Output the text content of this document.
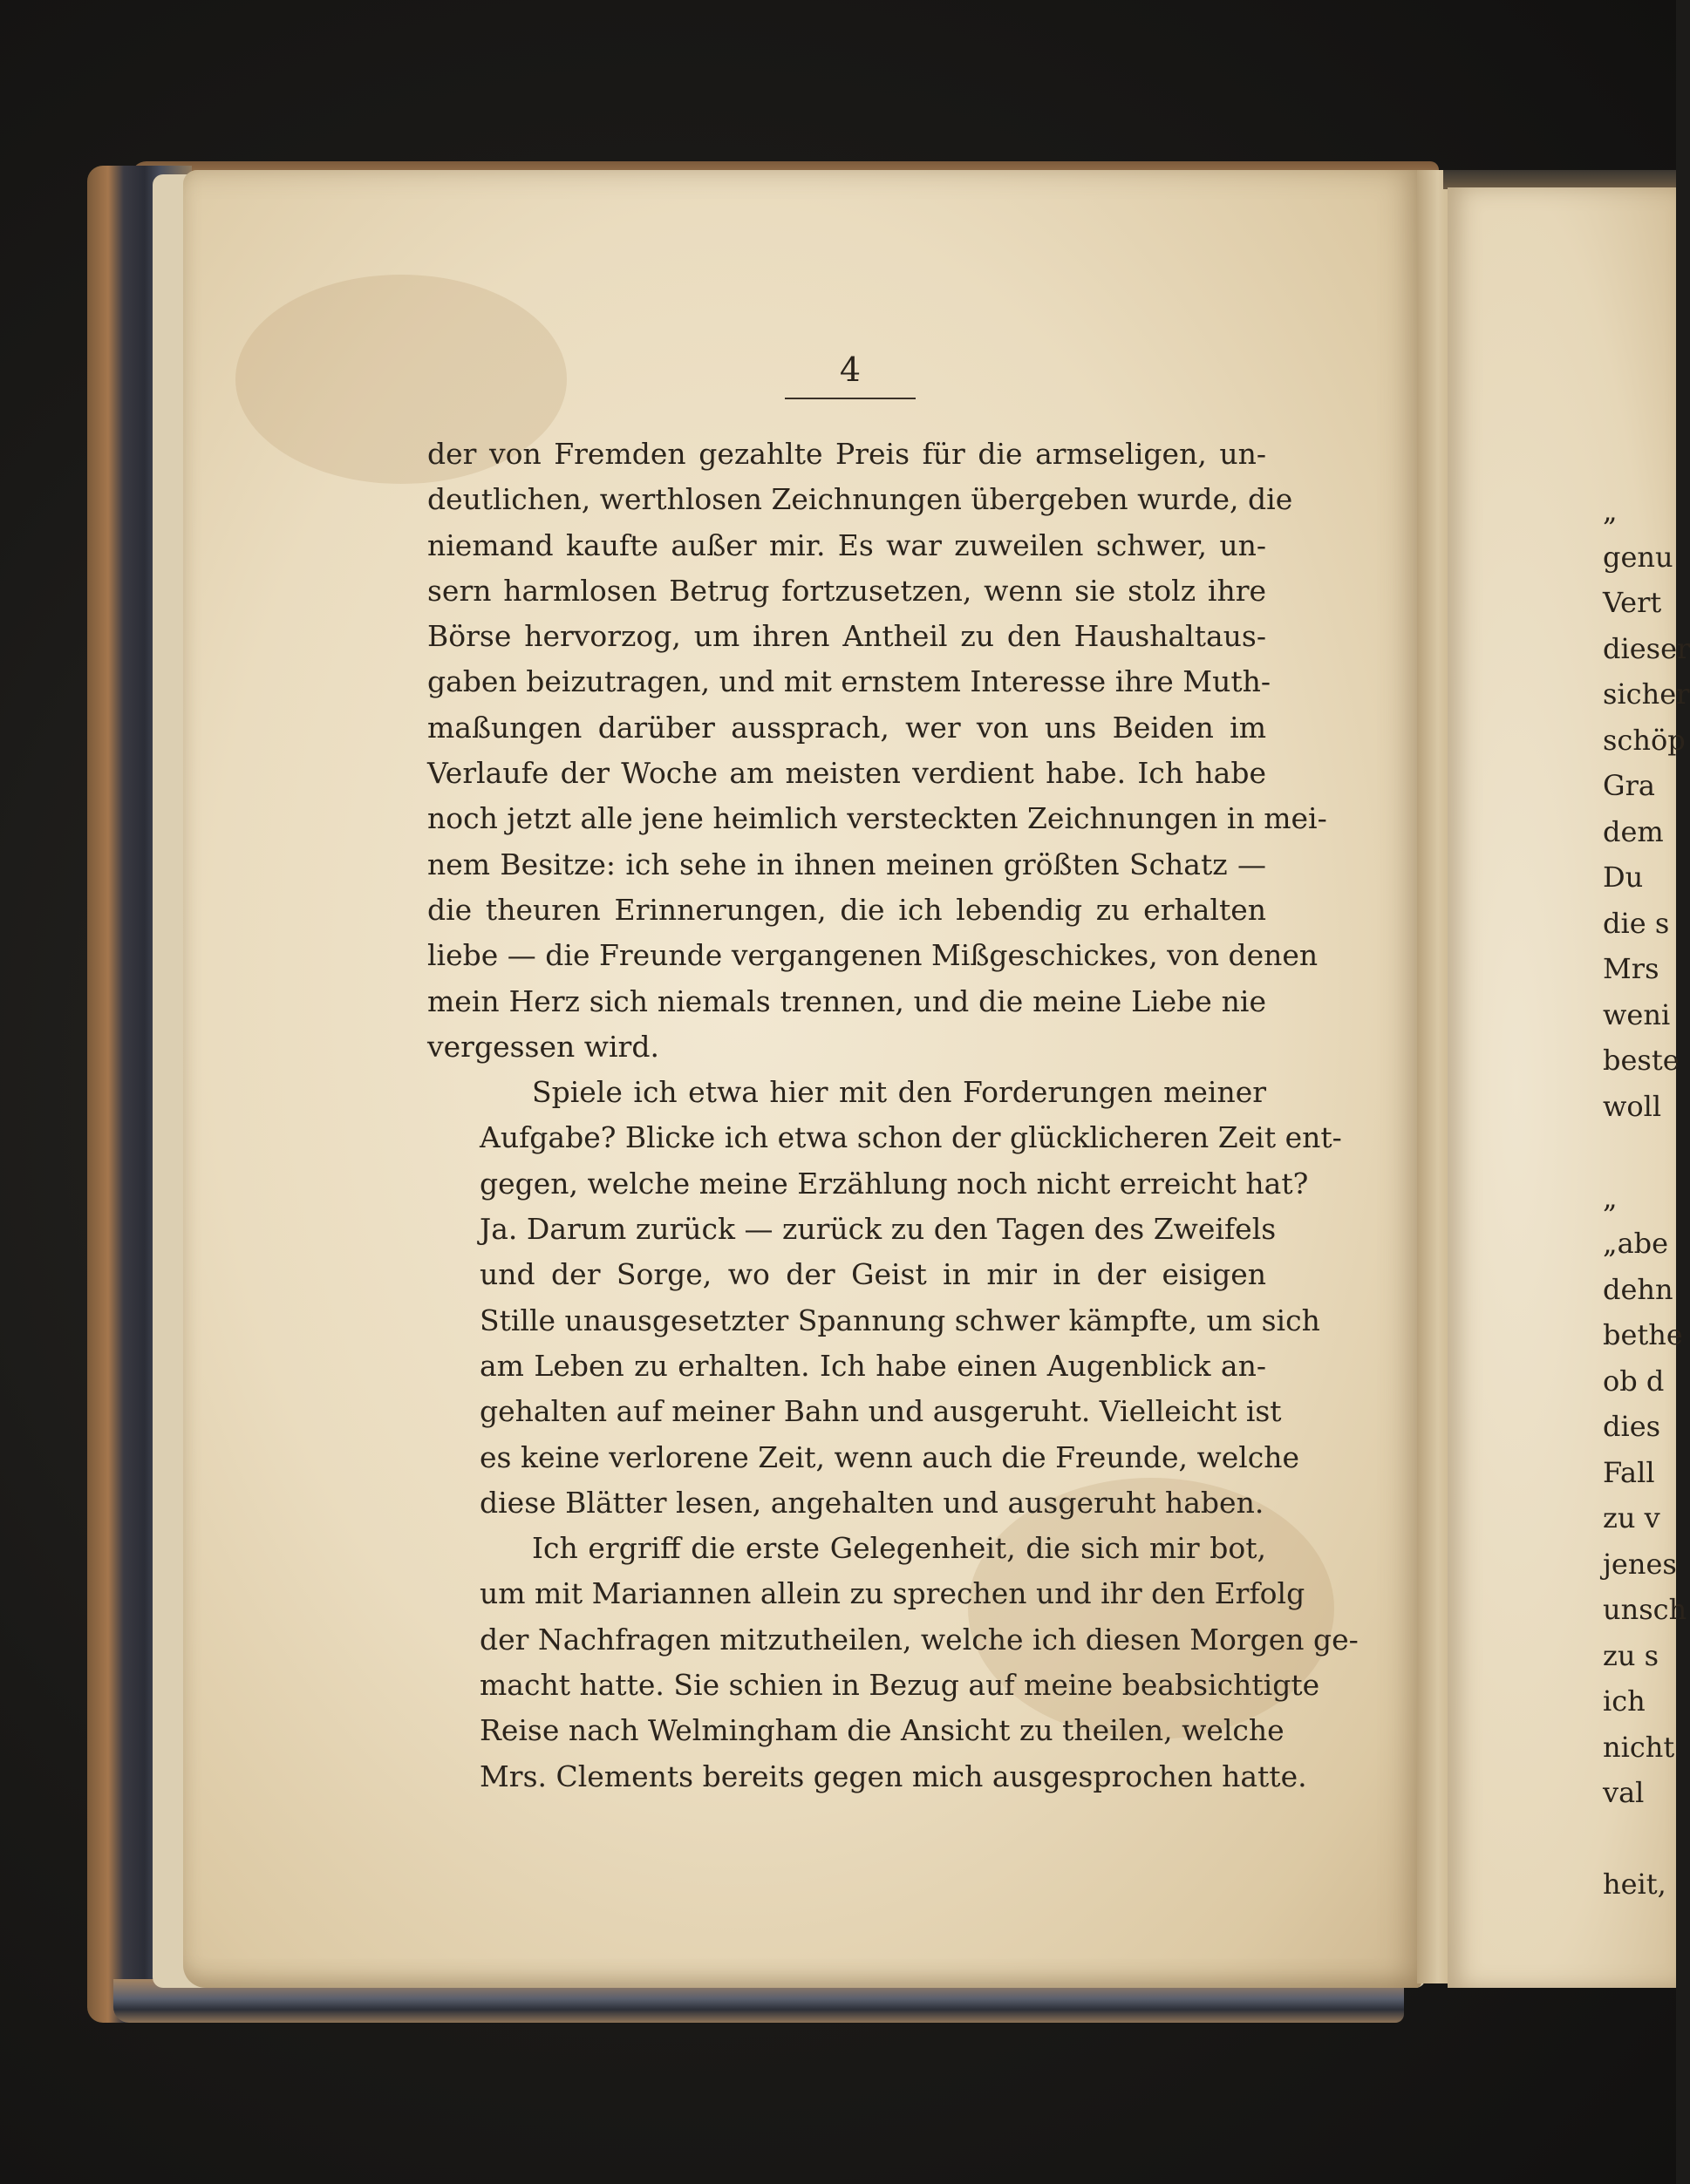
4

der von Fremden gezahlte Preis für die armseligen, un-
deutlichen, werthlosen Zeichnungen übergeben wurde, die
niemand kaufte außer mir. Es war zuweilen schwer, un-
sern harmlosen Betrug fortzusetzen, wenn sie stolz ihre
Börse hervorzog, um ihren Antheil zu den Haushaltaus-
gaben beizutragen, und mit ernstem Interesse ihre Muth-
maßungen darüber aussprach, wer von uns Beiden im
Verlaufe der Woche am meisten verdient habe. Ich habe
noch jetzt alle jene heimlich versteckten Zeichnungen in mei-
nem Besitze: ich sehe in ihnen meinen größten Schatz —
die theuren Erinnerungen, die ich lebendig zu erhalten
liebe — die Freunde vergangenen Mißgeschickes, von denen
mein Herz sich niemals trennen, und die meine Liebe nie
vergessen wird.

Spiele ich etwa hier mit den Forderungen meiner
Aufgabe? Blicke ich etwa schon der glücklicheren Zeit ent-
gegen, welche meine Erzählung noch nicht erreicht hat?
Ja. Darum zurück — zurück zu den Tagen des Zweifels
und der Sorge, wo der Geist in mir in der eisigen
Stille unausgesetzter Spannung schwer kämpfte, um sich
am Leben zu erhalten. Ich habe einen Augenblick an-
gehalten auf meiner Bahn und ausgeruht. Vielleicht ist
es keine verlorene Zeit, wenn auch die Freunde, welche
diese Blätter lesen, angehalten und ausgeruht haben.

Ich ergriff die erste Gelegenheit, die sich mir bot,
um mit Mariannen allein zu sprechen und ihr den Erfolg
der Nachfragen mitzutheilen, welche ich diesen Morgen ge-
macht hatte. Sie schien in Bezug auf meine beabsichtigte
Reise nach Welmingham die Ansicht zu theilen, welche
Mrs. Clements bereits gegen mich ausgesprochen hatte.

„
genu
Vert
dieser
sicher
schöp
Gra
dem
Du
die s
Mrs
weni
beste
woll

„
„abe
dehn
bethe
ob d
dies
Fall
zu v
jenes
unsch
zu s
ich
nicht
val

heit,
